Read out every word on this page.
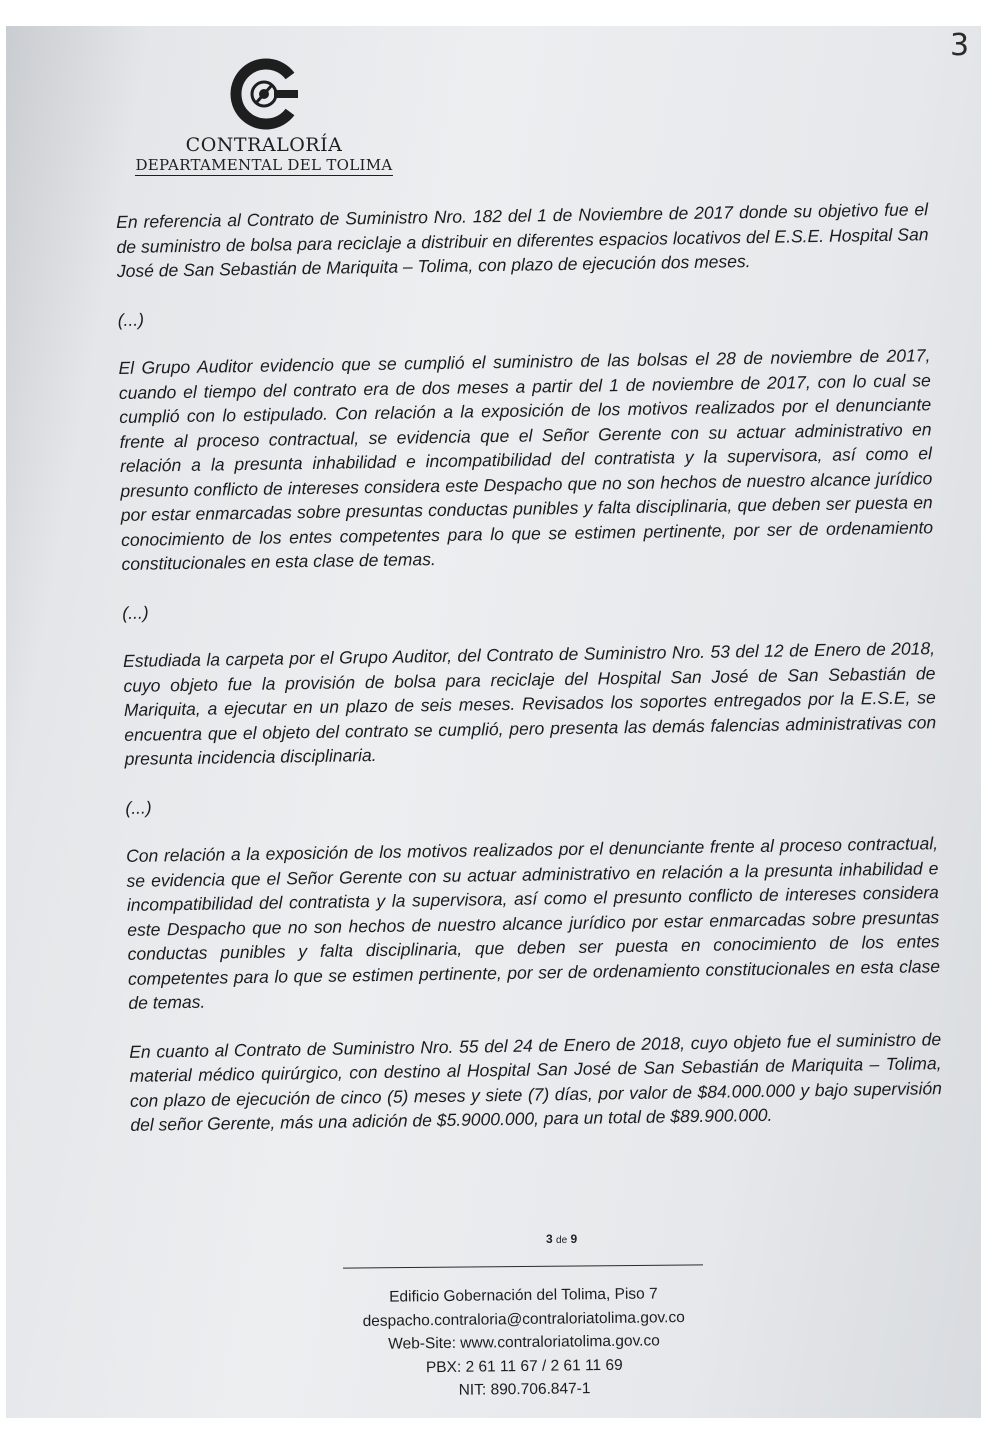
3
CONTRALORÍA
DEPARTAMENTAL DEL TOLIMA

En referencia al Contrato de Suministro Nro. 182 del 1 de Noviembre de 2017 donde su objetivo fue el de suministro de bolsa para reciclaje a distribuir en diferentes espacios locativos del E.S.E. Hospital San José de San Sebastián de Mariquita – Tolima, con plazo de ejecución dos meses.

(...)

El Grupo Auditor evidencio que se cumplió el suministro de las bolsas el 28 de noviembre de 2017, cuando el tiempo del contrato era de dos meses a partir del 1 de noviembre de 2017, con lo cual se cumplió con lo estipulado. Con relación a la exposición de los motivos realizados por el denunciante frente al proceso contractual, se evidencia que el Señor Gerente con su actuar administrativo en relación a la presunta inhabilidad e incompatibilidad del contratista y la supervisora, así como el presunto conflicto de intereses considera este Despacho que no son hechos de nuestro alcance jurídico por estar enmarcadas sobre presuntas conductas punibles y falta disciplinaria, que deben ser puesta en conocimiento de los entes competentes para lo que se estimen pertinente, por ser de ordenamiento constitucionales en esta clase de temas.

(...)

Estudiada la carpeta por el Grupo Auditor, del Contrato de Suministro Nro. 53 del 12 de Enero de 2018, cuyo objeto fue la provisión de bolsa para reciclaje del Hospital San José de San Sebastián de Mariquita, a ejecutar en un plazo de seis meses. Revisados los soportes entregados por la E.S.E, se encuentra que el objeto del contrato se cumplió, pero presenta las demás falencias administrativas con presunta incidencia disciplinaria.

(...)

Con relación a la exposición de los motivos realizados por el denunciante frente al proceso contractual, se evidencia que el Señor Gerente con su actuar administrativo en relación a la presunta inhabilidad e incompatibilidad del contratista y la supervisora, así como el presunto conflicto de intereses considera este Despacho que no son hechos de nuestro alcance jurídico por estar enmarcadas sobre presuntas conductas punibles y falta disciplinaria, que deben ser puesta en conocimiento de los entes competentes para lo que se estimen pertinente, por ser de ordenamiento constitucionales en esta clase de temas.

En cuanto al Contrato de Suministro Nro. 55 del 24 de Enero de 2018, cuyo objeto fue el suministro de material médico quirúrgico, con destino al Hospital San José de San Sebastián de Mariquita – Tolima, con plazo de ejecución de cinco (5) meses y siete (7) días, por valor de $84.000.000 y bajo supervisión del señor Gerente, más una adición de $5.9000.000, para un total de $89.900.000.

3 de 9
Edificio Gobernación del Tolima, Piso 7
despacho.contraloria@contraloriatolima.gov.co
Web-Site: www.contraloriatolima.gov.co
PBX: 2 61 11 67 / 2 61 11 69
NIT: 890.706.847-1
